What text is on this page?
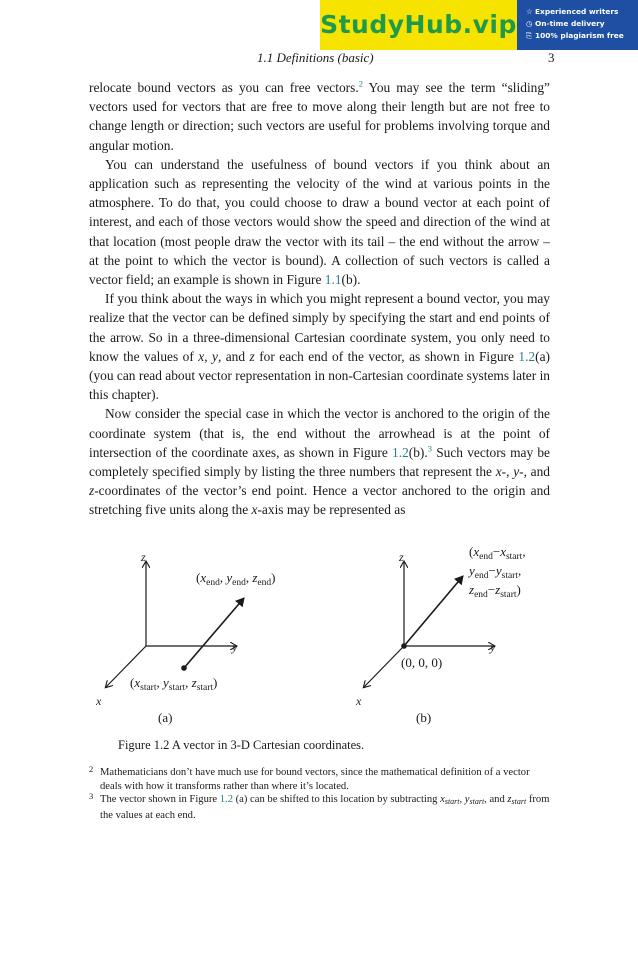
StudyHub.vip ☆ Experienced writers
◷ On-time delivery
⎘ 100% plagiarism free
1.1 Definitions (basic)	3

relocate bound vectors as you can free vectors.$^2$ You may see the term “sliding” vectors used for vectors that are free to move along their length but are not free to change length or direction; such vectors are useful for problems involving torque and angular motion.

You can understand the usefulness of bound vectors if you think about an application such as representing the velocity of the wind at various points in the atmosphere. To do that, you could choose to draw a bound vector at each point of interest, and each of those vectors would show the speed and direction of the wind at that location (most people draw the vector with its tail – the end without the arrow – at the point to which the vector is bound). A collection of such vectors is called a vector field; an example is shown in Figure 1.1(b).

If you think about the ways in which you might represent a bound vector, you may realize that the vector can be defined simply by specifying the start and end points of the arrow. So in a three-dimensional Cartesian coordinate system, you only need to know the values of x, y, and z for each end of the vector, as shown in Figure 1.2(a) (you can read about vector representation in non-Cartesian coordinate systems later in this chapter).

Now consider the special case in which the vector is anchored to the origin of the coordinate system (that is, the end without the arrowhead is at the point of intersection of the coordinate axes, as shown in Figure 1.2(b).$^3$ Such vectors may be completely specified simply by listing the three numbers that represent the x-, y-, and z-coordinates of the vector’s end point. Hence a vector anchored to the origin and stretching five units along the x-axis may be represented as

z
y
x
($x_{end}$, $y_{end}$, $z_{end}$)
($x_{start}$, $y_{start}$, $z_{start}$)
(a)
z
y
x
($x_{end}-x_{start}$,
$y_{end}-y_{start}$,
$z_{end}-z_{start}$)
(0, 0, 0)
(b)
Figure 1.2 A vector in 3-D Cartesian coordinates.
2 Mathematicians don’t have much use for bound vectors, since the mathematical definition of a vector deals with how it transforms rather than where it’s located.
3 The vector shown in Figure 1.2 (a) can be shifted to this location by subtracting $x_{start}$, ystart, and zstart from the values at each end.
